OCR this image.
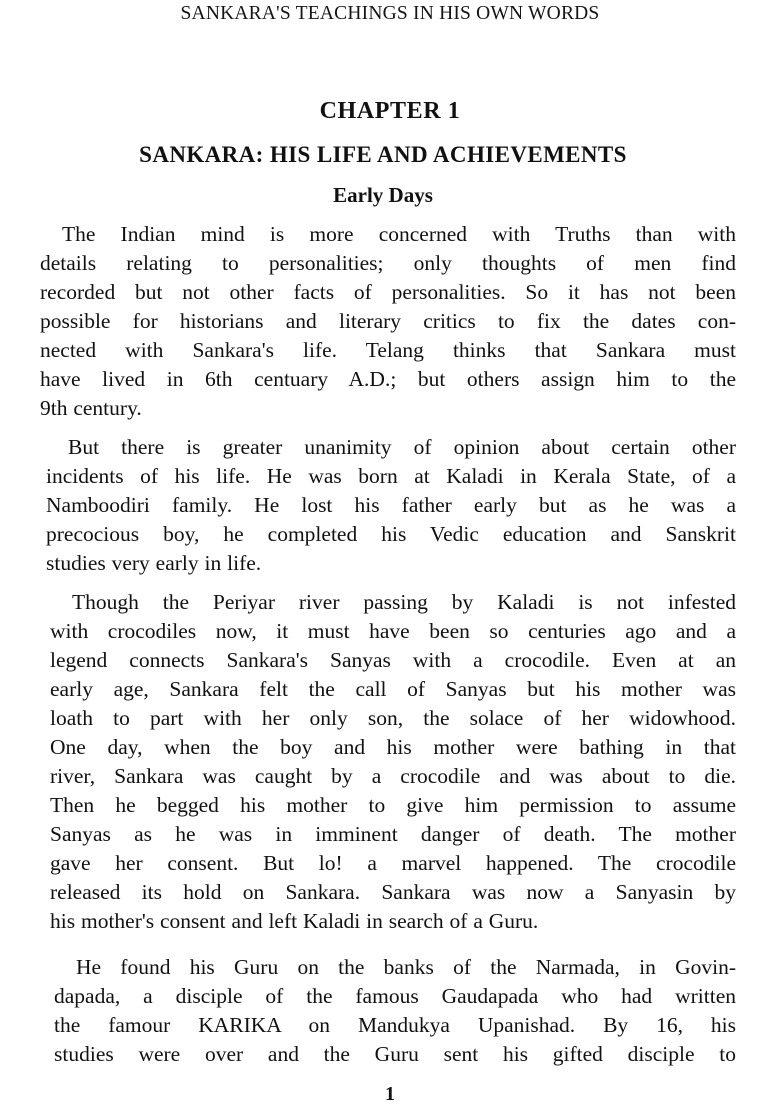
SANKARA'S TEACHINGS IN HIS OWN WORDS
CHAPTER 1
SANKARA: HIS LIFE AND ACHIEVEMENTS
Early Days
The Indian mind is more concerned with Truths than with
details relating to personalities; only thoughts of men find
recorded but not other facts of personalities. So it has not been
possible for historians and literary critics to fix the dates con-
nected with Sankara's life. Telang thinks that Sankara must
have lived in 6th centuary A.D.; but others assign him to the
9th century.
But there is greater unanimity of opinion about certain other
incidents of his life. He was born at Kaladi in Kerala State, of a
Namboodiri family. He lost his father early but as he was a
precocious boy, he completed his Vedic education and Sanskrit
studies very early in life.
Though the Periyar river passing by Kaladi is not infested
with crocodiles now, it must have been so centuries ago and a
legend connects Sankara's Sanyas with a crocodile. Even at an
early age, Sankara felt the call of Sanyas but his mother was
loath to part with her only son, the solace of her widowhood.
One day, when the boy and his mother were bathing in that
river, Sankara was caught by a crocodile and was about to die.
Then he begged his mother to give him permission to assume
Sanyas as he was in imminent danger of death. The mother
gave her consent. But lo! a marvel happened. The crocodile
released its hold on Sankara. Sankara was now a Sanyasin by
his mother's consent and left Kaladi in search of a Guru.
He found his Guru on the banks of the Narmada, in Govin-
dapada, a disciple of the famous Gaudapada who had written
the famour KARIKA on Mandukya Upanishad. By 16, his
studies were over and the Guru sent his gifted disciple to
1
